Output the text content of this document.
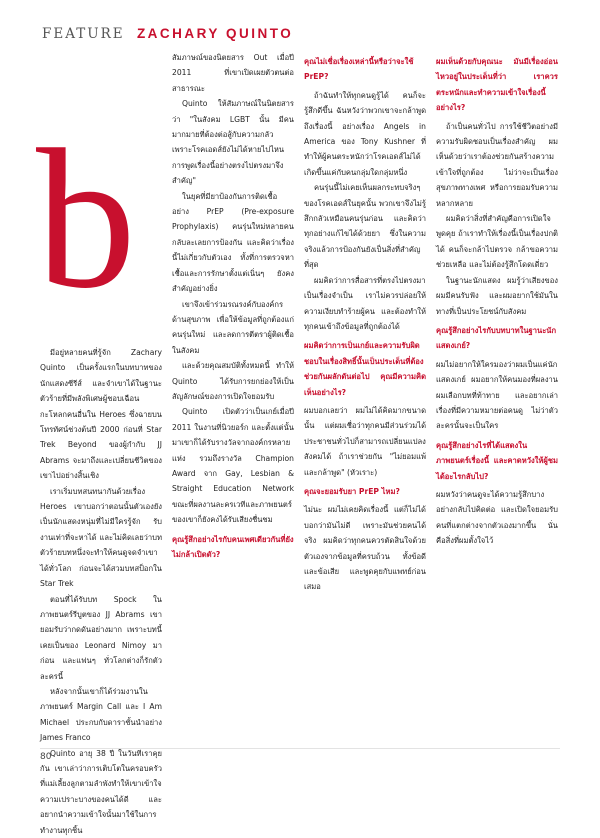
FEATURE ZACHARY QUINTO
b

มีอยู่หลายคนที่รู้จัก Zachary Quinto เป็นครั้งแรกในบทบาทของนักแสดงซีรีส์ และจำเขาได้ในฐานะตัวร้ายที่มีพลังพิเศษผู้ชอบเฉือนกะโหลกคนอื่นใน Heroes ซึ่งฉายบนโทรทัศน์ช่วงต้นปี 2000 ก่อนที่ Star Trek Beyond ของผู้กำกับ JJ Abrams จะมาถึงและเปลี่ยนชีวิตของเขาไปอย่างสิ้นเชิง

เราเริ่มบทสนทนากันด้วยเรื่อง Heroes เขาบอกว่าตอนนั้นตัวเองยังเป็นนักแสดงหนุ่มที่ไม่มีใครรู้จัก รับงานเท่าที่จะหาได้ และไม่คิดเลยว่าบทตัวร้ายบทหนึ่งจะทำให้คนดูจดจำเขาได้ทั่วโลก ก่อนจะได้สวมบทสป็อกใน Star Trek

ตอนที่ได้รับบท Spock ในภาพยนตร์รีบูตของ JJ Abrams เขายอมรับว่ากดดันอย่างมาก เพราะบทนี้เคยเป็นของ Leonard Nimoy มาก่อน และแฟนๆ ทั่วโลกต่างก็รักตัวละครนี้

หลังจากนั้นเขาก็ได้ร่วมงานในภาพยนตร์ Margin Call และ I Am Michael ประกบกับดาราชั้นนำอย่าง James Franco

Quinto อายุ 38 ปี ในวันที่เราคุยกัน เขาเล่าว่าการเติบโตในครอบครัวที่แม่เลี้ยงลูกตามลำพังทำให้เขาเข้าใจความเปราะบางของคนได้ดี และอยากนำความเข้าใจนั้นมาใช้ในการทำงานทุกชิ้น

สัมภาษณ์ของนิตยสาร Out เมื่อปี 2011 ที่เขาเปิดเผยตัวตนต่อสาธารณะ

Quinto ให้สัมภาษณ์ในนิตยสาร ว่า "ในสังคม LGBT นั้น มีคนมากมายที่ต้องต่อสู้กับความกลัว เพราะโรคเอดส์ยังไม่ได้หายไปไหน การพูดเรื่องนี้อย่างตรงไปตรงมาจึงสำคัญ"

ในยุคที่มียาป้องกันการติดเชื้ออย่าง PrEP (Pre-exposure Prophylaxis) คนรุ่นใหม่หลายคนกลับละเลยการป้องกัน และคิดว่าเรื่องนี้ไม่เกี่ยวกับตัวเอง ทั้งที่การตรวจหาเชื้อและการรักษาตั้งแต่เนิ่นๆ ยังคงสำคัญอย่างยิ่ง

เขาจึงเข้าร่วมรณรงค์กับองค์กรด้านสุขภาพ เพื่อให้ข้อมูลที่ถูกต้องแก่คนรุ่นใหม่ และลดการตีตราผู้ติดเชื้อในสังคม

และด้วยคุณสมบัติทั้งหมดนี้ ทำให้ Quinto ได้รับการยกย่องให้เป็นสัญลักษณ์ของการเปิดใจยอมรับ

Quinto เปิดตัวว่าเป็นเกย์เมื่อปี 2011 ในงานที่นิวยอร์ก และตั้งแต่นั้นมาเขาก็ได้รับรางวัลจากองค์กรหลายแห่ง รวมถึงรางวัล Champion Award จาก Gay, Lesbian & Straight Education Network ขณะที่ผลงานละครเวทีและภาพยนตร์ของเขาก็ยังคงได้รับเสียงชื่นชม

คุณรู้สึกอย่างไรกับคนเพศเดียวกันที่ยังไม่กล้าเปิดตัว?

คุณไม่เชื่อเรื่องเหล่านี้หรือว่าจะใช้ PrEP?

ถ้าฉันทำให้ทุกคนดูรู้ได้ คนก็จะรู้สึกดีขึ้น ฉันหวังว่าพวกเขาจะกล้าพูดถึงเรื่องนี้ อย่างเรื่อง Angels in America ของ Tony Kushner ที่ทำให้ผู้คนตระหนักว่าโรคเอดส์ไม่ได้เกิดขึ้นแค่กับคนกลุ่มใดกลุ่มหนึ่ง

คนรุ่นนี้ไม่เคยเห็นผลกระทบจริงๆ ของโรคเอดส์ในยุคนั้น พวกเขาจึงไม่รู้สึกกลัวเหมือนคนรุ่นก่อน และคิดว่าทุกอย่างแก้ไขได้ด้วยยา ซึ่งในความจริงแล้วการป้องกันยังเป็นสิ่งที่สำคัญที่สุด

ผมคิดว่าการสื่อสารที่ตรงไปตรงมาเป็นเรื่องจำเป็น เราไม่ควรปล่อยให้ความเงียบทำร้ายผู้คน และต้องทำให้ทุกคนเข้าถึงข้อมูลที่ถูกต้องได้

ผมคิดว่าการเป็นเกย์และความรับผิดชอบในเรื่องสิทธิ์นั้นเป็นประเด็นที่ต้องช่วยกันผลักดันต่อไป คุณมีความคิดเห็นอย่างไร?

ผมบอกเลยว่า ผมไม่ได้คิดมากขนาดนั้น แต่ผมเชื่อว่าทุกคนมีส่วนร่วมได้ ประชาชนทั่วไปก็สามารถเปลี่ยนแปลงสังคมได้ ถ้าเราช่วยกัน "ไม่ยอมแพ้ และกล้าพูด" (หัวเราะ)

คุณจะยอมรับยา PrEP ไหม?

ไม่นะ ผมไม่เคยคิดเรื่องนี้ แต่ก็ไม่ได้บอกว่ามันไม่ดี เพราะมันช่วยคนได้จริง ผมคิดว่าทุกคนควรตัดสินใจด้วยตัวเองจากข้อมูลที่ครบถ้วน ทั้งข้อดีและข้อเสีย และพูดคุยกับแพทย์ก่อนเสมอ

ผมเห็นด้วยกับคุณนะ มันมีเรื่องอ่อนไหวอยู่ในประเด็นที่ว่า เราควรตระหนักและทำความเข้าใจเรื่องนี้อย่างไร?

ถ้าเป็นคนทั่วไป การใช้ชีวิตอย่างมีความรับผิดชอบเป็นเรื่องสำคัญ ผมเห็นด้วยว่าเราต้องช่วยกันสร้างความเข้าใจที่ถูกต้อง ไม่ว่าจะเป็นเรื่องสุขภาพทางเพศ หรือการยอมรับความหลากหลาย

ผมคิดว่าสิ่งที่สำคัญคือการเปิดใจพูดคุย ถ้าเราทำให้เรื่องนี้เป็นเรื่องปกติได้ คนก็จะกล้าไปตรวจ กล้าขอความช่วยเหลือ และไม่ต้องรู้สึกโดดเดี่ยว

ในฐานะนักแสดง ผมรู้ว่าเสียงของผมมีคนรับฟัง และผมอยากใช้มันในทางที่เป็นประโยชน์กับสังคม

คุณรู้สึกอย่างไรกับบทบาทในฐานะนักแสดงเกย์?

ผมไม่อยากให้ใครมองว่าผมเป็นแค่นักแสดงเกย์ ผมอยากให้คนมองที่ผลงาน ผมเลือกบทที่ท้าทาย และอยากเล่าเรื่องที่มีความหมายต่อคนดู ไม่ว่าตัวละครนั้นจะเป็นใคร

คุณรู้สึกอย่างไรที่ได้แสดงในภาพยนตร์เรื่องนี้ และคาดหวังให้ผู้ชมได้อะไรกลับไป?

ผมหวังว่าคนดูจะได้ความรู้สึกบางอย่างกลับไปคิดต่อ และเปิดใจยอมรับคนที่แตกต่างจากตัวเองมากขึ้น นั่นคือสิ่งที่ผมตั้งใจไว้

80
